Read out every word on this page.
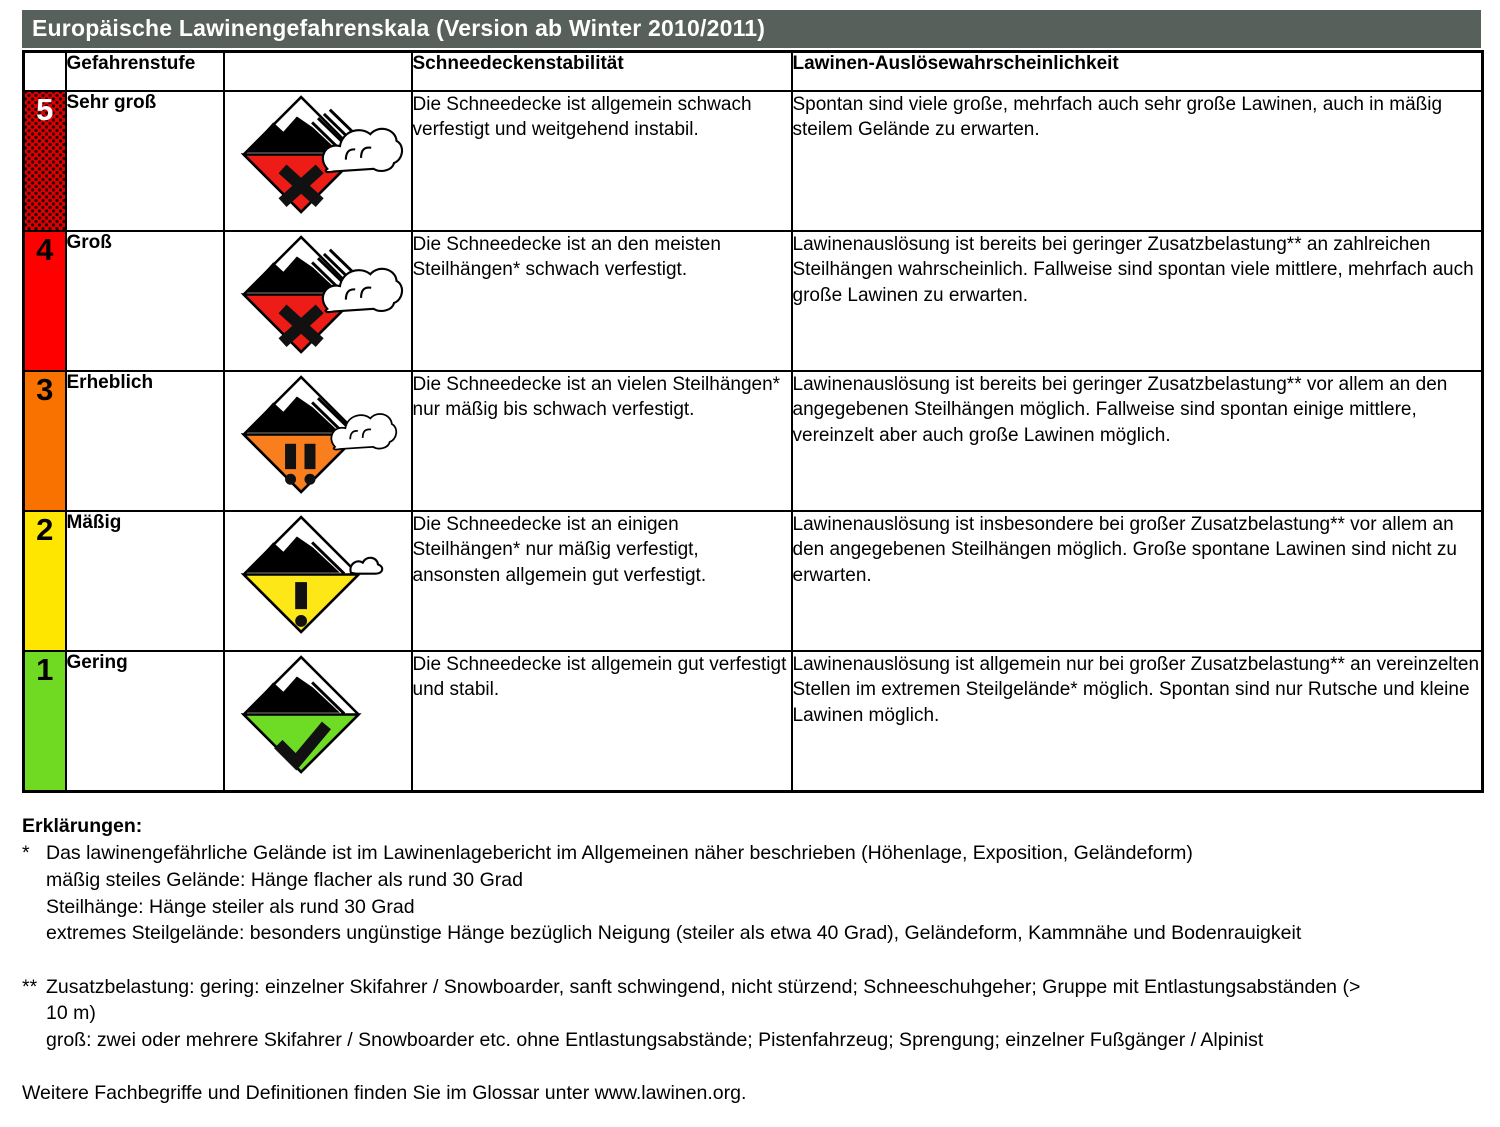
Europäische Lawinengefahrenskala (Version ab Winter 2010/2011)
	Gefahrenstufe		Schneedeckenstabilität	Lawinen-Auslösewahrscheinlichkeit
5	Sehr groß		Die Schneedecke ist allgemein schwach verfestigt und weitgehend instabil.	Spontan sind viele große, mehrfach auch sehr große Lawinen, auch in mäßig steilem Gelände zu erwarten.
4	Groß		Die Schneedecke ist an den meisten Steilhängen* schwach verfestigt.	Lawinenauslösung ist bereits bei geringer Zusatzbelastung** an zahlreichen Steilhängen wahrscheinlich. Fallweise sind spontan viele mittlere, mehrfach auch große Lawinen zu erwarten.
3	Erheblich		Die Schneedecke ist an vielen Steilhängen* nur mäßig bis schwach verfestigt.	Lawinenauslösung ist bereits bei geringer Zusatzbelastung** vor allem an den angegebenen Steilhängen möglich. Fallweise sind spontan einige mittlere, vereinzelt aber auch große Lawinen möglich.
2	Mäßig		Die Schneedecke ist an einigen Steilhängen* nur mäßig verfestigt, ansonsten allgemein gut verfestigt.	Lawinenauslösung ist insbesondere bei großer Zusatzbelastung** vor allem an den angegebenen Steilhängen möglich. Große spontane Lawinen sind nicht zu erwarten.
1	Gering		Die Schneedecke ist allgemein gut verfestigt und stabil.	Lawinenauslösung ist allgemein nur bei großer Zusatzbelastung** an vereinzelten Stellen im extremen Steilgelände* möglich. Spontan sind nur Rutsche und kleine Lawinen möglich.
Erklärungen:
* Das lawinengefährliche Gelände ist im Lawinenlagebericht im Allgemeinen näher beschrieben (Höhenlage, Exposition, Geländeform)
mäßig steiles Gelände: Hänge flacher als rund 30 Grad
Steilhänge: Hänge steiler als rund 30 Grad
extremes Steilgelände: besonders ungünstige Hänge bezüglich Neigung (steiler als etwa 40 Grad), Geländeform, Kammnähe und Bodenrauigkeit
** Zusatzbelastung: gering: einzelner Skifahrer / Snowboarder, sanft schwingend, nicht stürzend; Schneeschuhgeher; Gruppe mit Entlastungsabständen (> 10 m)
groß: zwei oder mehrere Skifahrer / Snowboarder etc. ohne Entlastungsabstände; Pistenfahrzeug; Sprengung; einzelner Fußgänger / Alpinist
Weitere Fachbegriffe und Definitionen finden Sie im Glossar unter www.lawinen.org.
